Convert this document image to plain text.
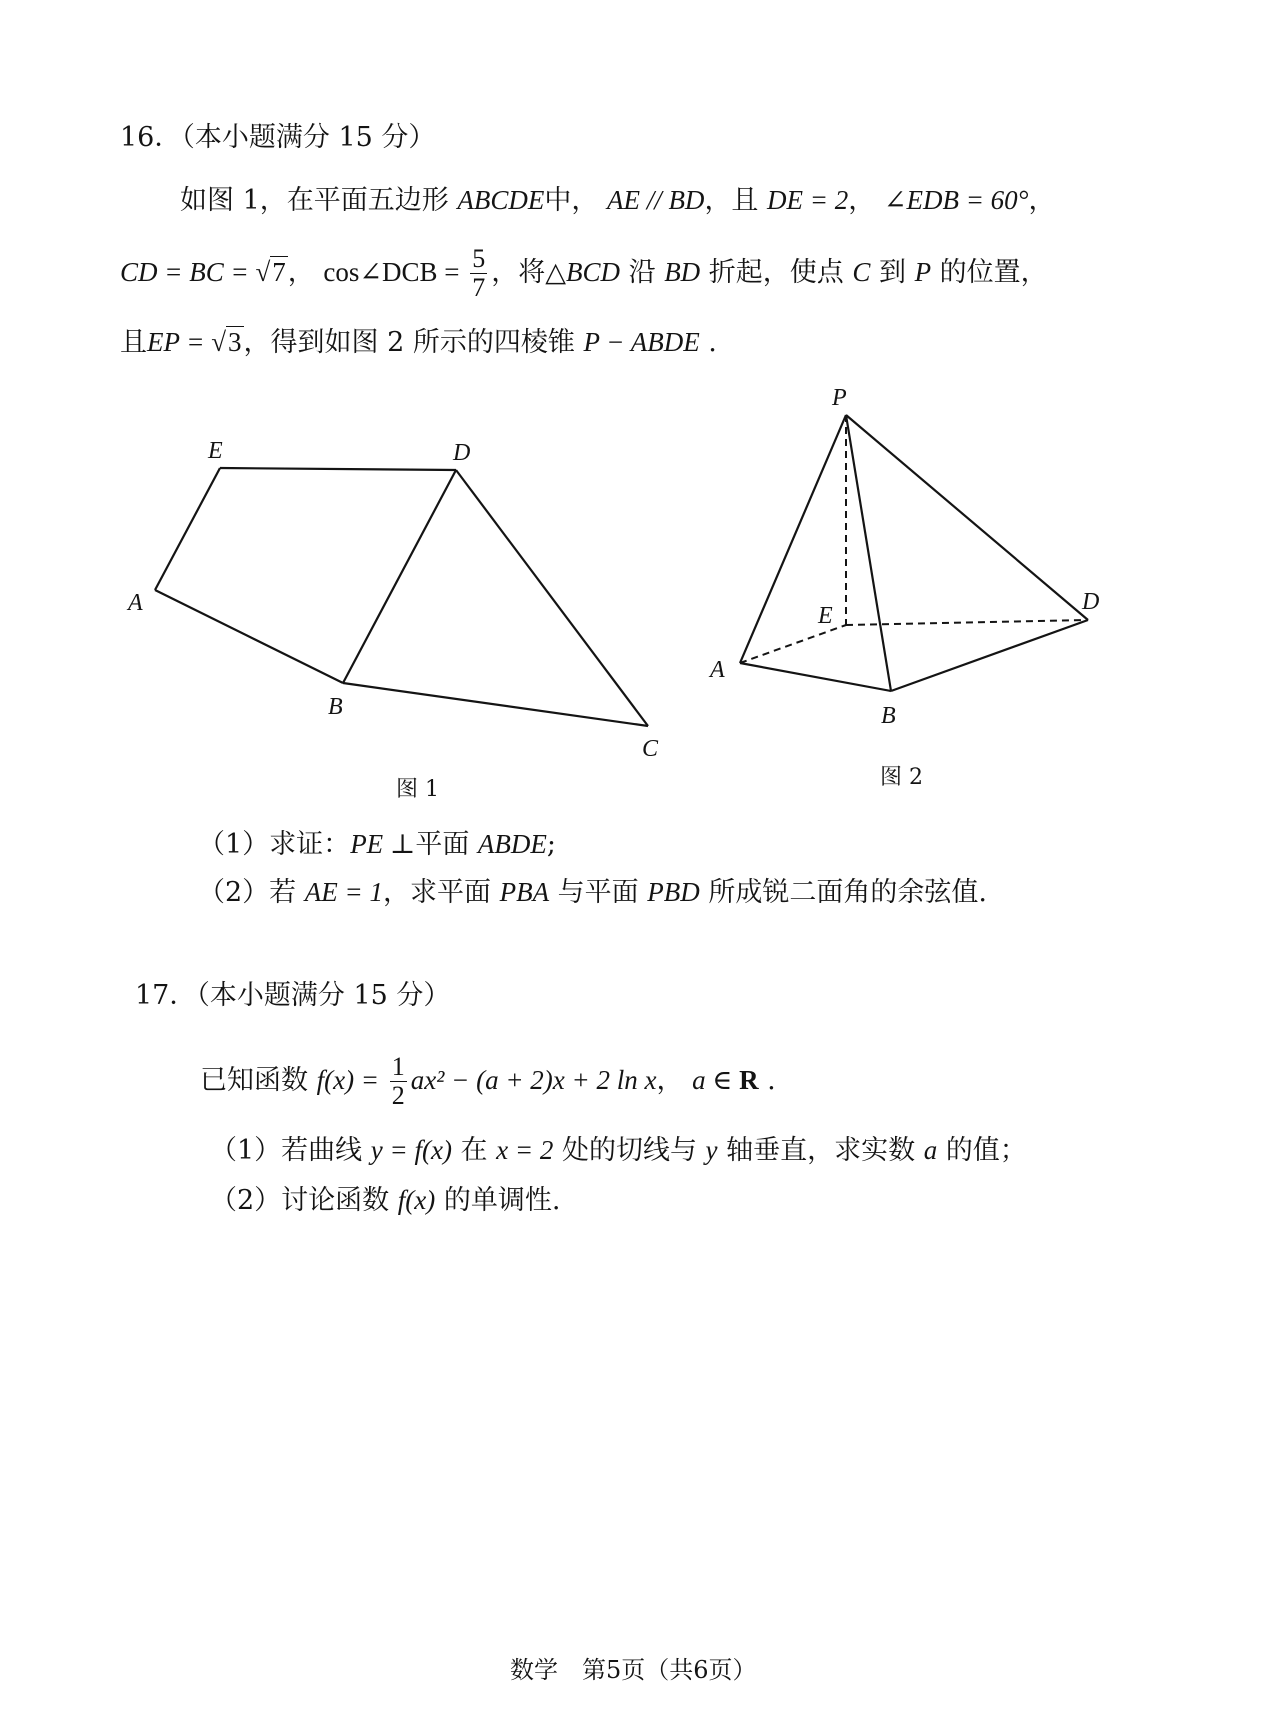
16．（本小题满分 15 分）
如图 1，在平面五边形 ABCDE中， AE // BD，且 DE = 2， ∠EDB = 60°，
CD = BC = √7， cos∠DCB = $\frac{5}{7}$ ，将△BCD 沿 BD 折起，使点 C 到 P 的位置，
且EP = √3，得到如图 2 所示的四棱锥 P − ABDE .
E	D
A
B
C
图 1
P
E
D
A
B
图 2
（1）求证：PE ⊥平面 ABDE;
（2）若 AE = 1，求平面 PBA 与平面 PBD 所成锐二面角的余弦值.
17．（本小题满分 15 分）
已知函数 $f(x) = \frac{1}{2} ax^2 - (a + 2)x + 2$ ln x， a ∈ R .
（1）若曲线 y = f(x) 在 x = 2 处的切线与 y 轴垂直，求实数 a 的值；
（2）讨论函数 f(x) 的单调性.
数学　第5页（共6页）
